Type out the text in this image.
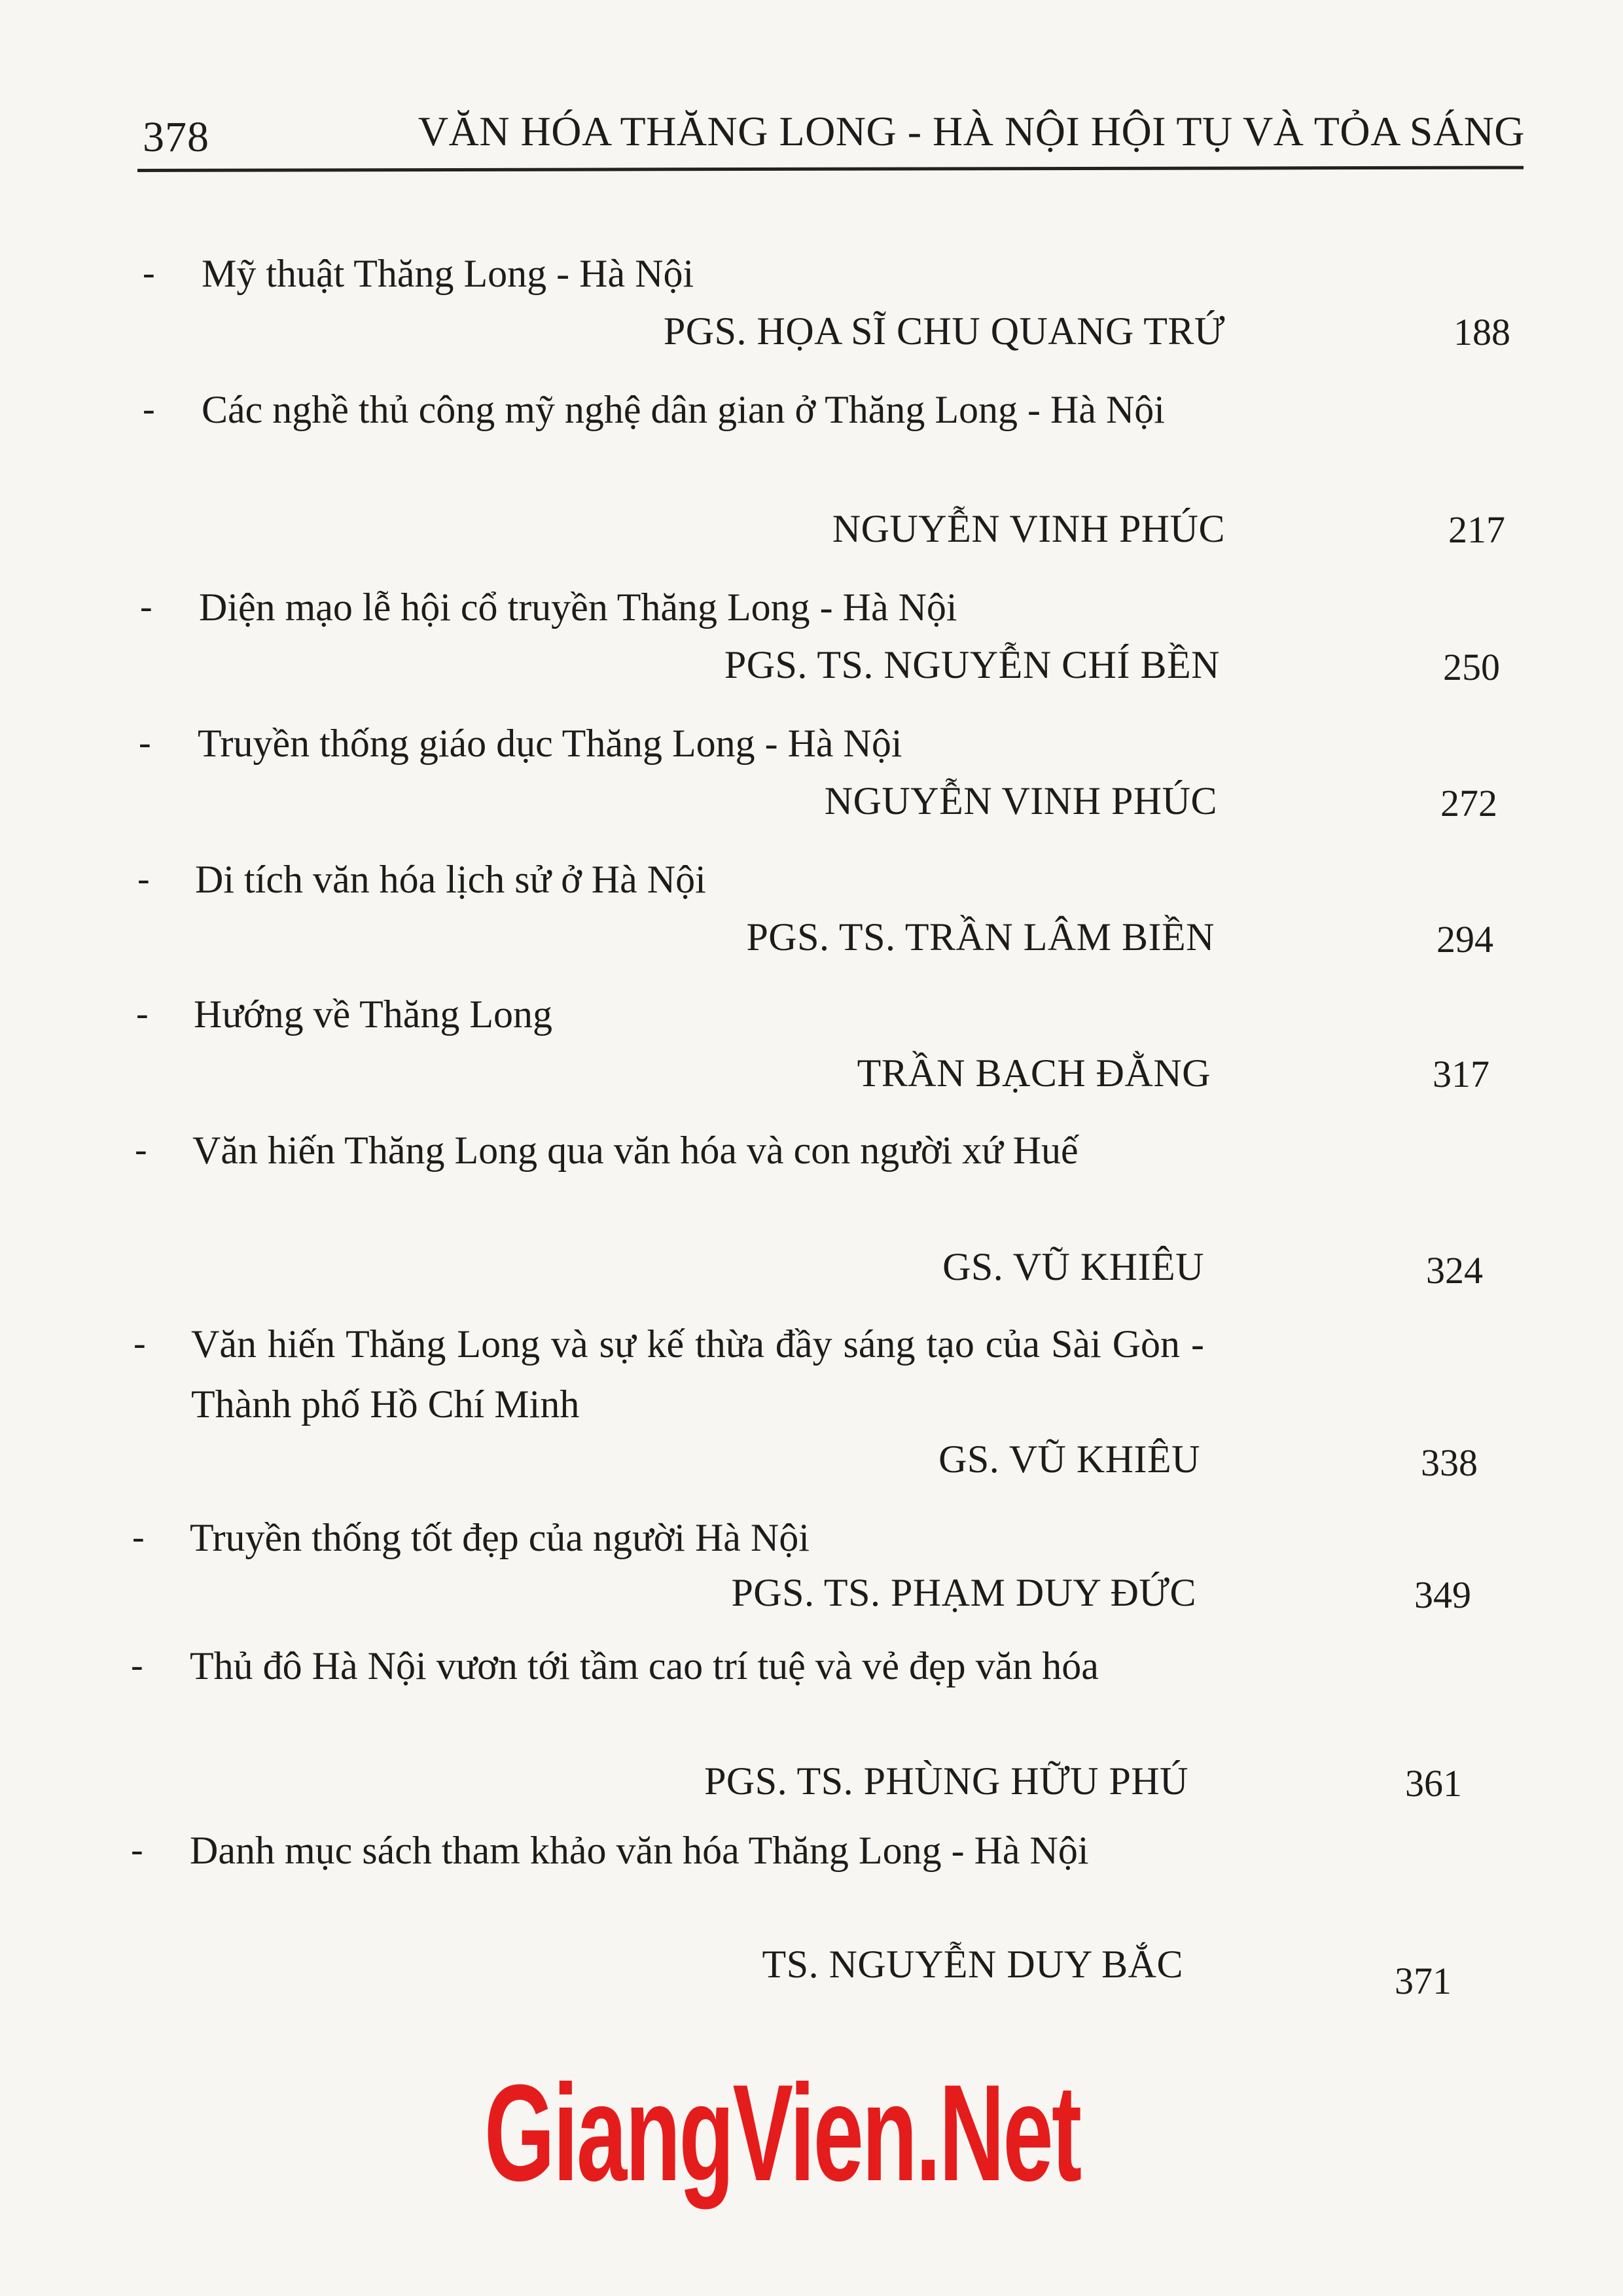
378	VĂN HÓA THĂNG LONG - HÀ NỘI HỘI TỤ VÀ TỎA SÁNG
- Mỹ thuật Thăng Long - Hà Nội
PGS. HỌA SĨ CHU QUANG TRỨ	188
- Các nghề thủ công mỹ nghệ dân gian ở Thăng Long - Hà Nội
NGUYỄN VINH PHÚC	217
- Diện mạo lễ hội cổ truyền Thăng Long - Hà Nội
PGS. TS. NGUYỄN CHÍ BỀN	250
- Truyền thống giáo dục Thăng Long - Hà Nội
NGUYỄN VINH PHÚC	272
- Di tích văn hóa lịch sử ở Hà Nội
PGS. TS. TRẦN LÂM BIỀN	294
- Hướng về Thăng Long
TRẦN BẠCH ĐẰNG	317
- Văn hiến Thăng Long qua văn hóa và con người xứ Huế
GS. VŨ KHIÊU	324
- Văn hiến Thăng Long và sự kế thừa đầy sáng tạo của Sài Gòn - Thành phố Hồ Chí Minh
GS. VŨ KHIÊU	338
- Truyền thống tốt đẹp của người Hà Nội
PGS. TS. PHẠM DUY ĐỨC	349
- Thủ đô Hà Nội vươn tới tầm cao trí tuệ và vẻ đẹp văn hóa
PGS. TS. PHÙNG HỮU PHÚ	361
- Danh mục sách tham khảo văn hóa Thăng Long - Hà Nội
TS. NGUYỄN DUY BẮC	371
GiangVien.Net
